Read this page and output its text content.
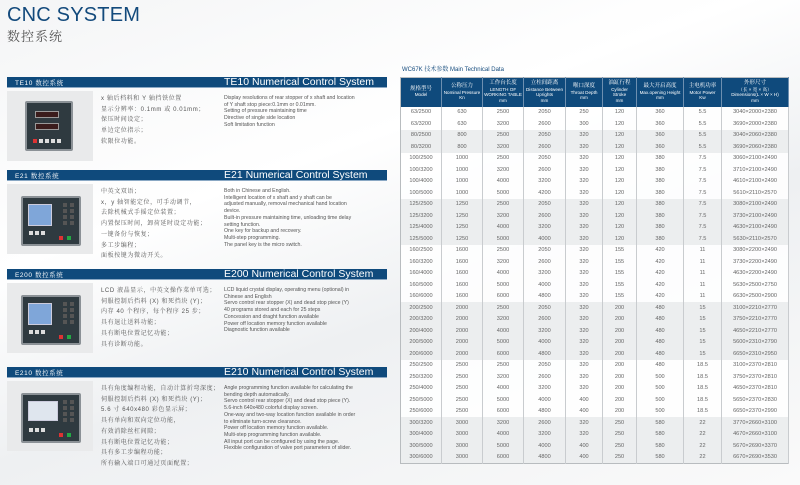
CNC SYSTEM
数控系统
TE10 数控系统	TE10 Numerical Control System
x 轴后档料和 Y 轴挡铁位置
显示分辨率：0.1mm 或 0.01mm；
保压时间设定；
单边定位指示；
软限位功能。
Display resolutions of rear stopper of x shaft and location
of Y shaft stop piece:0.1mm or 0.01mm.
Setting of pressure maintaining time
Directive of single side location
Soft limitation function
E21 数控系统	E21 Numerical Control System
中英文双语；
x，y 轴智能定位，可手动调节，
去除机械式手摇定位装置；
内置保压时间，卸荷延时设定功能；
一键备份与恢复；
多工步编程；
面板按键为微动开关。
Both in Chinese and English.
Intelligent location of x shaft and y shaft can be
adjusted manually, removal mechanical hand location
device.
Built-in pressure maintaining time, unloading time delay
setting function.
One key for backup and recovery.
Multi-step programming.
The panel key is the micro switch.
E200 数控系统	E200 Numerical Control System
LCD 液晶显示，中英文操作菜单可选；
伺服控制后挡料 (X) 和死挡块 (Y)；
内存 40 个程序，每个程序 25 步；
具有退让送料功能；
具有断电位置记忆功能；
具有诊断功能。
LCD liquid crystal display, operating menu (optional) in
Chinese and English
Servo control rear stopper (X) and dead stop piece (Y)
40 programs stored and each for 25 steps
Concession and draght function available
Power off location memory function available
Diagnostic function available
E210 数控系统	E210 Numerical Control System
具有角度编程功能，自动计算折弯深度；
伺服控制后挡料 (X) 和死挡块 (Y)；
5.6 寸 640x480 彩色显示屏；
具有单向和双向定位功能，
有效消除丝杠间隙；
具有断电位置记忆功能；
具有多工步编程功能；
所有输入端口可通过页面配置；
Angle programming function available for calculating the
bending depth automatically.
Servo control rear stopper (X) and dead stop piece (Y).
5.6-inch 640x480 colorful display screen.
One-way and two-way location function available in order
to eliminate turn-screw clearance.
Power off location memory function available.
Multi-step programming function available.
All input port can be configured by using the page.
Flexible configuration of valve port parameters of slider.
WC67K 技术参数 Main Technical Data
规格型号
Model	公称压力
Nominal Pressure
Kn	工作台长度
LENGTH OF
WORKING TABLE
mm	立柱间距离
Distance Between
Uprights
mm	喉口深度
Throat Depth
mm	油缸行程
Cylinder
Stroke
mm	最大开启高度
Max.opening Height
mm	主电机功率
Motor Power
Kw	外形尺寸
（长 × 宽 × 高）
Dimensions(L × W × H)
mm

63/2500	630	2500	2050	250	120	360	5.5	3040×2000×2380
63/3200	630	3200	2600	300	120	360	5.5	3690×2000×2380
80/2500	800	2500	2050	320	120	360	5.5	3040×2060×2380
80/3200	800	3200	2600	320	120	360	5.5	3690×2060×2380
100/2500	1000	2500	2050	320	120	380	7.5	3060×2100×2490
100/3200	1000	3200	2600	320	120	380	7.5	3710×2100×2490
100/4000	1000	4000	3200	320	120	380	7.5	4610×2100×2490
100/5000	1000	5000	4200	320	120	380	7.5	5610×2110×2570
125/2500	1250	2500	2050	320	120	380	7.5	3080×2100×2490
125/3200	1250	3200	2600	320	120	380	7.5	3730×2100×2490
125/4000	1250	4000	3200	320	120	380	7.5	4630×2100×2490
125/5000	1250	5000	4000	320	120	380	7.5	5630×2110×2570
160/2500	1600	2500	2050	320	155	420	11	3080×2200×2490
160/3200	1600	3200	2600	320	155	420	11	3730×2200×2490
160/4000	1600	4000	3200	320	155	420	11	4630×2200×2490
160/5000	1600	5000	4000	320	155	420	11	5630×2500×2750
160/6000	1600	6000	4800	320	155	420	11	6630×2500×2900
200/2500	2000	2500	2050	320	200	480	15	3100×2210×2770
200/3200	2000	3200	2600	320	200	480	15	3750×2210×2770
200/4000	2000	4000	3200	320	200	480	15	4650×2210×2770
200/5000	2000	5000	4000	320	200	480	15	5600×2310×2790
200/6000	2000	6000	4800	320	200	480	15	6650×2310×2950
250/2500	2500	2500	2050	320	200	480	18.5	3100×2370×2810
250/3200	2500	3200	2600	320	200	500	18.5	3750×2370×2810
250/4000	2500	4000	3200	320	200	500	18.5	4650×2370×2810
250/5000	2500	5000	4000	400	200	500	18.5	5650×2370×2830
250/6000	2500	6000	4800	400	200	500	18.5	6650×2370×2990
300/3200	3000	3200	2600	320	250	580	22	3770×2660×3100
300/4000	3000	4000	3200	320	250	580	22	4670×2660×3100
300/5000	3000	5000	4000	400	250	580	22	5670×2690×3370
300/6000	3000	6000	4800	400	250	580	22	6670×2690×3530
